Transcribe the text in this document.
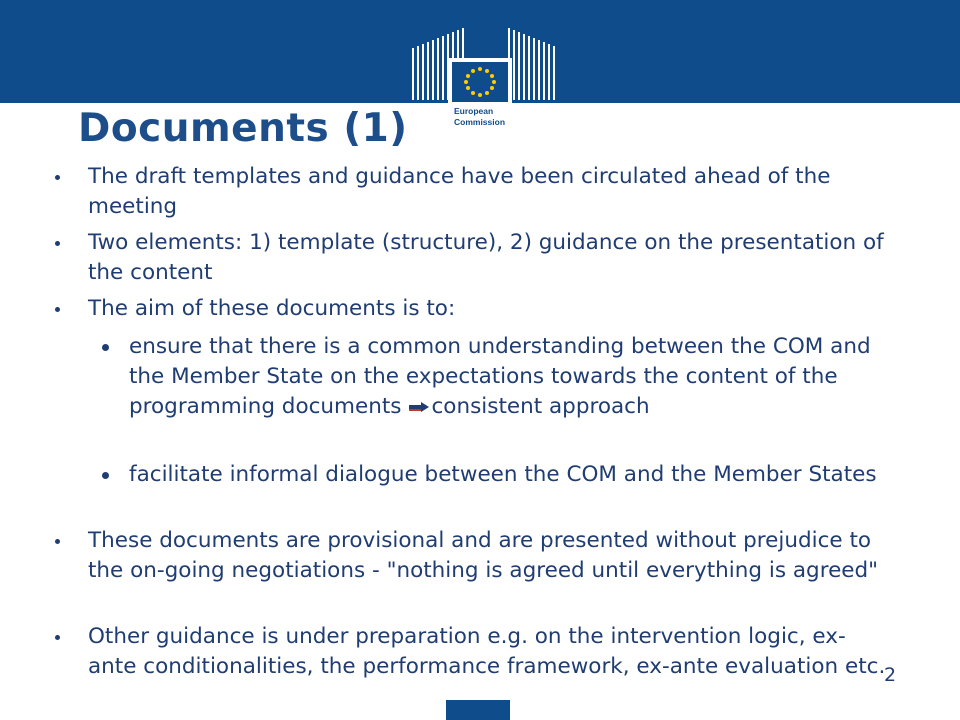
European
Commission
Documents (1)
The draft templates and guidance have been circulated ahead of the meeting
Two elements: 1) template (structure), 2) guidance on the presentation of the content
The aim of these documents is to:
ensure that there is a common understanding between the COM and the Member State on the expectations towards the content of the programming documents consistent approach
facilitate informal dialogue between the COM and the Member States
These documents are provisional and are presented without prejudice to the on-going negotiations - "nothing is agreed until everything is agreed"
Other guidance is under preparation e.g. on the intervention logic, ex-ante conditionalities, the performance framework, ex-ante evaluation etc.
2
